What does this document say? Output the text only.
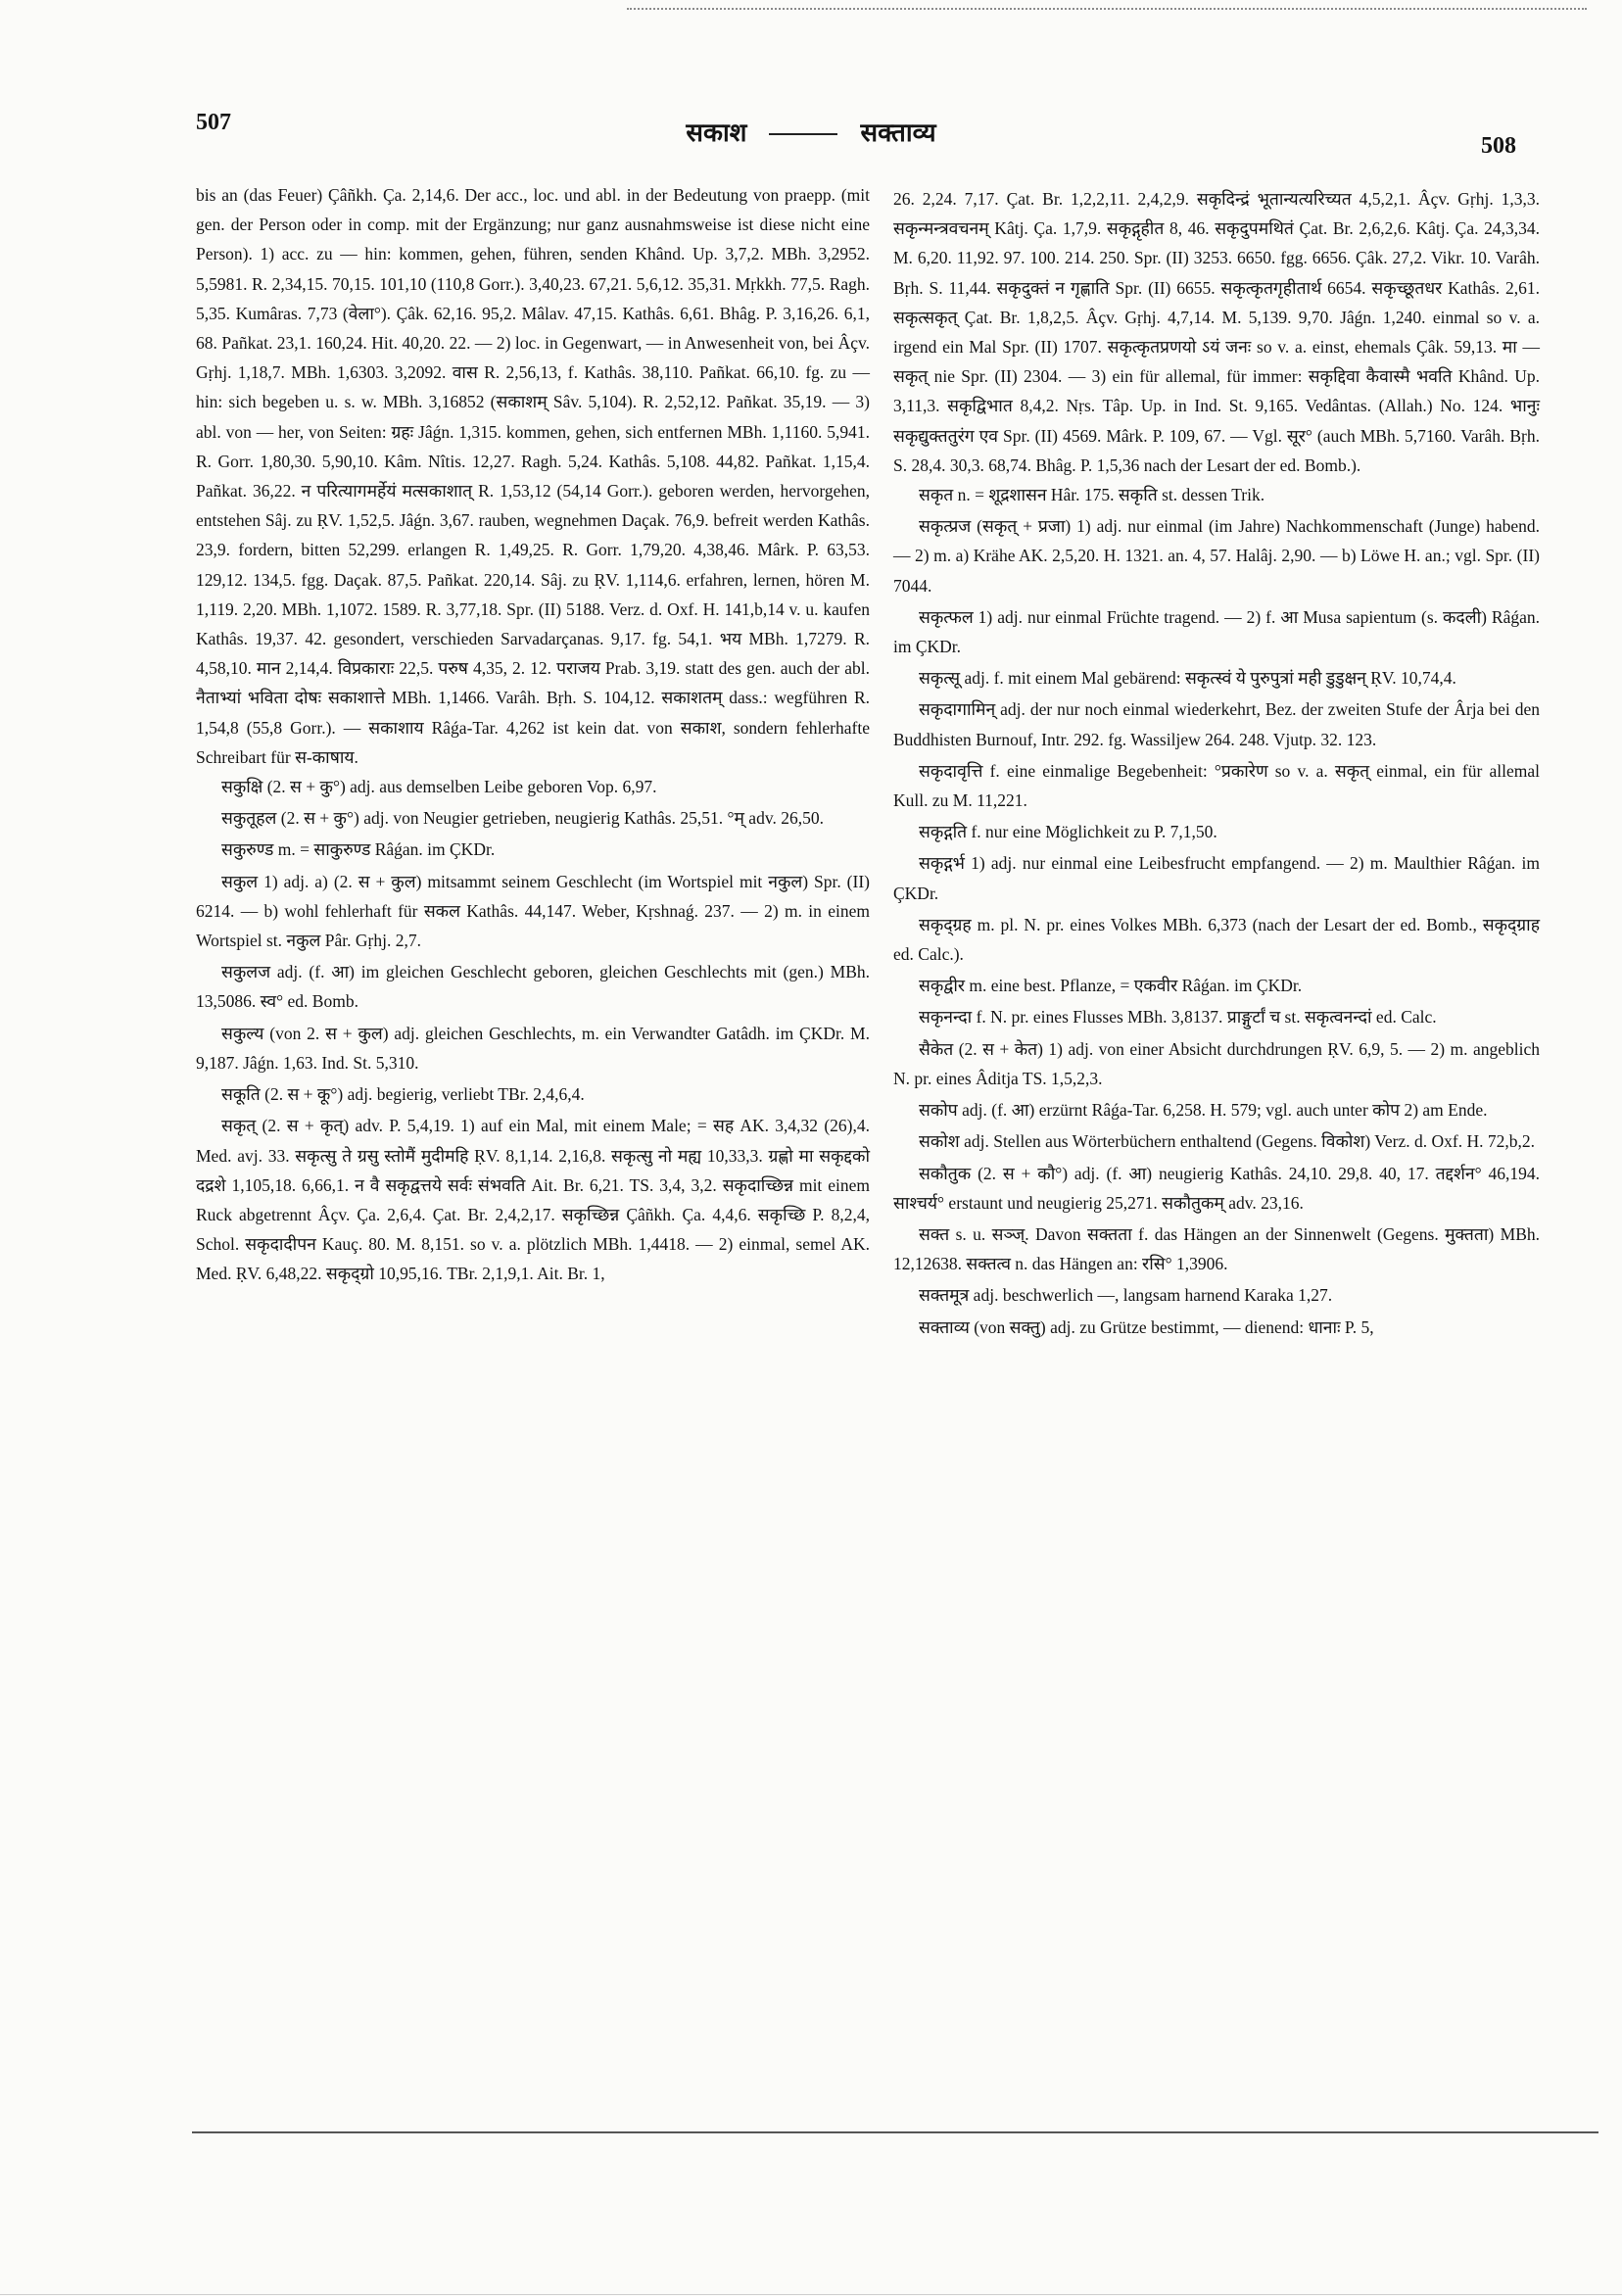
507
508
सकाश	सक्ताव्य

bis an (das Feuer) Çâñkh. Ça. 2,14,6. Der acc., loc. und abl. in der Bedeutung von praepp. (mit gen. der Person oder in comp. mit der Ergänzung; nur ganz ausnahmsweise ist diese nicht eine Person). 1) acc. zu — hin: kommen, gehen, führen, senden Khând. Up. 3,7,2. MBh. 3,2952. 5,5981. R. 2,34,15. 70,15. 101,10 (110,8 Gorr.). 3,40,23. 67,21. 5,6,12. 35,31. Mṛkkh. 77,5. Ragh. 5,35. Kumâras. 7,73 (वेला°). Çâk. 62,16. 95,2. Mâlav. 47,15. Kathâs. 6,61. Bhâg. P. 3,16,26. 6,1, 68. Pañkat. 23,1. 160,24. Hit. 40,20. 22. — 2) loc. in Gegenwart, — in Anwesenheit von, bei Âçv. Gṛhj. 1,18,7. MBh. 1,6303. 3,2092. वास R. 2,56,13, f. Kathâs. 38,110. Pañkat. 66,10. fg. zu — hin: sich begeben u. s. w. MBh. 3,16852 (सकाशम् Sâv. 5,104). R. 2,52,12. Pañkat. 35,19. — 3) abl. von — her, von Seiten: ग्रहः Jâǵn. 1,315. kommen, gehen, sich entfernen MBh. 1,1160. 5,941. R. Gorr. 1,80,30. 5,90,10. Kâm. Nîtis. 12,27. Ragh. 5,24. Kathâs. 5,108. 44,82. Pañkat. 1,15,4. Pañkat. 36,22. न परित्यागमर्हेयं मत्सकाशात् R. 1,53,12 (54,14 Gorr.). geboren werden, hervorgehen, entstehen Sâj. zu ṚV. 1,52,5. Jâǵn. 3,67. rauben, wegnehmen Daçak. 76,9. befreit werden Kathâs. 23,9. fordern, bitten 52,299. erlangen R. 1,49,25. R. Gorr. 1,79,20. 4,38,46. Mârk. P. 63,53. 129,12. 134,5. fgg. Daçak. 87,5. Pañkat. 220,14. Sâj. zu ṚV. 1,114,6. erfahren, lernen, hören M. 1,119. 2,20. MBh. 1,1072. 1589. R. 3,77,18. Spr. (II) 5188. Verz. d. Oxf. H. 141,b,14 v. u. kaufen Kathâs. 19,37. 42. gesondert, verschieden Sarvadarçanas. 9,17. fg. 54,1. भय MBh. 1,7279. R. 4,58,10. मान 2,14,4. विप्रकाराः 22,5. परुष 4,35, 2. 12. पराजय Prab. 3,19. statt des gen. auch der abl. नैताभ्यां भविता दोषः सकाशात्ते MBh. 1,1466. Varâh. Bṛh. S. 104,12. सकाशतम् dass.: wegführen R. 1,54,8 (55,8 Gorr.). — सकाशाय Râǵa-Tar. 4,262 ist kein dat. von सकाश, sondern fehlerhafte Schreibart für स-काषाय.

सकुक्षि (2. स + कु°) adj. aus demselben Leibe geboren Vop. 6,97.

सकुतूहल (2. स + कु°) adj. von Neugier getrieben, neugierig Kathâs. 25,51. °म् adv. 26,50.

सकुरुण्ड m. = साकुरुण्ड Râǵan. im ÇKDr.

सकुल 1) adj. a) (2. स + कुल) mitsammt seinem Geschlecht (im Wortspiel mit नकुल) Spr. (II) 6214. — b) wohl fehlerhaft für सकल Kathâs. 44,147. Weber, Kṛshnaǵ. 237. — 2) m. in einem Wortspiel st. नकुल Pâr. Gṛhj. 2,7.

सकुलज adj. (f. आ) im gleichen Geschlecht geboren, gleichen Geschlechts mit (gen.) MBh. 13,5086. स्व° ed. Bomb.

सकुल्य (von 2. स + कुल) adj. gleichen Geschlechts, m. ein Verwandter Gatâdh. im ÇKDr. M. 9,187. Jâǵn. 1,63. Ind. St. 5,310.

सकूति (2. स + कू°) adj. begierig, verliebt TBr. 2,4,6,4.

सकृत् (2. स + कृत्) adv. P. 5,4,19. 1) auf ein Mal, mit einem Male; = सह AK. 3,4,32 (26),4. Med. avj. 33. सकृत्सु ते ग्रसु स्तोमैं मुदीमहि ṚV. 8,1,14. 2,16,8. सकृत्सु नो मह्य 10,33,3. ग्रह्णो मा सकृद्दको दद्रशे 1,105,18. 6,66,1. न वै सकृद्वत्तये सर्वः संभवति Ait. Br. 6,21. TS. 3,4, 3,2. सकृदाच्छिन्न mit einem Ruck abgetrennt Âçv. Ça. 2,6,4. Çat. Br. 2,4,2,17. सकृच्छिन्न Çâñkh. Ça. 4,4,6. सकृच्छि P. 8,2,4, Schol. सकृदादीपन Kauç. 80. M. 8,151. so v. a. plötzlich MBh. 1,4418. — 2) einmal, semel AK. Med. ṚV. 6,48,22. सकृद्ग्रो 10,95,16. TBr. 2,1,9,1. Ait. Br. 1,

26. 2,24. 7,17. Çat. Br. 1,2,2,11. 2,4,2,9. सकृदिन्द्रं भूतान्यत्यरिच्यत 4,5,2,1. Âçv. Gṛhj. 1,3,3. सकृन्मन्त्रवचनम् Kâtj. Ça. 1,7,9. सकृद्गृहीत 8, 46. सकृदुपमथितं Çat. Br. 2,6,2,6. Kâtj. Ça. 24,3,34. M. 6,20. 11,92. 97. 100. 214. 250. Spr. (II) 3253. 6650. fgg. 6656. Çâk. 27,2. Vikr. 10. Varâh. Bṛh. S. 11,44. सकृदुक्तं न गृह्णाति Spr. (II) 6655. सकृत्कृतगृहीतार्थ 6654. सकृच्छूतधर Kathâs. 2,61. सकृत्सकृत् Çat. Br. 1,8,2,5. Âçv. Gṛhj. 4,7,14. M. 5,139. 9,70. Jâǵn. 1,240. einmal so v. a. irgend ein Mal Spr. (II) 1707. सकृत्कृतप्रणयो ऽयं जनः so v. a. einst, ehemals Çâk. 59,13. मा — सकृत् nie Spr. (II) 2304. — 3) ein für allemal, für immer: सकृद्दिवा कैवास्मै भवति Khând. Up. 3,11,3. सकृद्विभात 8,4,2. Nṛs. Tâp. Up. in Ind. St. 9,165. Vedântas. (Allah.) No. 124. भानुः सकृद्युक्ततुरंग एव Spr. (II) 4569. Mârk. P. 109, 67. — Vgl. सूर° (auch MBh. 5,7160. Varâh. Bṛh. S. 28,4. 30,3. 68,74. Bhâg. P. 1,5,36 nach der Lesart der ed. Bomb.).

सकृत n. = शूद्रशासन Hâr. 175. सकृति st. dessen Trik.

सकृत्प्रज (सकृत् + प्रजा) 1) adj. nur einmal (im Jahre) Nachkommenschaft (Junge) habend. — 2) m. a) Krähe AK. 2,5,20. H. 1321. an. 4, 57. Halâj. 2,90. — b) Löwe H. an.; vgl. Spr. (II) 7044.

सकृत्फल 1) adj. nur einmal Früchte tragend. — 2) f. आ Musa sapientum (s. कदली) Râǵan. im ÇKDr.

सकृत्सू adj. f. mit einem Mal gebärend: सकृत्स्वं ये पुरुपुत्रां मही डुडुक्षन् ṚV. 10,74,4.

सकृदागामिन् adj. der nur noch einmal wiederkehrt, Bez. der zweiten Stufe der Ârja bei den Buddhisten Burnouf, Intr. 292. fg. Wassiljew 264. 248. Vjutp. 32. 123.

सकृदावृत्ति f. eine einmalige Begebenheit: °प्रकारेण so v. a. सकृत् einmal, ein für allemal Kull. zu M. 11,221.

सकृद्गति f. nur eine Möglichkeit zu P. 7,1,50.

सकृद्गर्भ 1) adj. nur einmal eine Leibesfrucht empfangend. — 2) m. Maulthier Râǵan. im ÇKDr.

सकृद्ग्रह m. pl. N. pr. eines Volkes MBh. 6,373 (nach der Lesart der ed. Bomb., सकृद्ग्राह ed. Calc.).

सकृद्वीर m. eine best. Pflanze, = एकवीर Râǵan. im ÇKDr.

सकृनन्दा f. N. pr. eines Flusses MBh. 3,8137. प्राङ्गुर्टां च st. सकृत्वनन्दां ed. Calc.

सैकेत (2. स + केत) 1) adj. von einer Absicht durchdrungen ṚV. 6,9, 5. — 2) m. angeblich N. pr. eines Âditja TS. 1,5,2,3.

सकोप adj. (f. आ) erzürnt Râǵa-Tar. 6,258. H. 579; vgl. auch unter कोप 2) am Ende.

सकोश adj. Stellen aus Wörterbüchern enthaltend (Gegens. विकोश) Verz. d. Oxf. H. 72,b,2.

सकौतुक (2. स + कौ°) adj. (f. आ) neugierig Kathâs. 24,10. 29,8. 40, 17. तद्दर्शन° 46,194. साश्चर्य° erstaunt und neugierig 25,271. सकौतुकम् adv. 23,16.

सक्त s. u. सञ्ज्. Davon सक्तता f. das Hängen an der Sinnenwelt (Gegens. मुक्तता) MBh. 12,12638. सक्तत्व n. das Hängen an: रसि° 1,3906.

सक्तमूत्र adj. beschwerlich —, langsam harnend Karaka 1,27.

सक्ताव्य (von सक्तु) adj. zu Grütze bestimmt, — dienend: धानाः P. 5,
